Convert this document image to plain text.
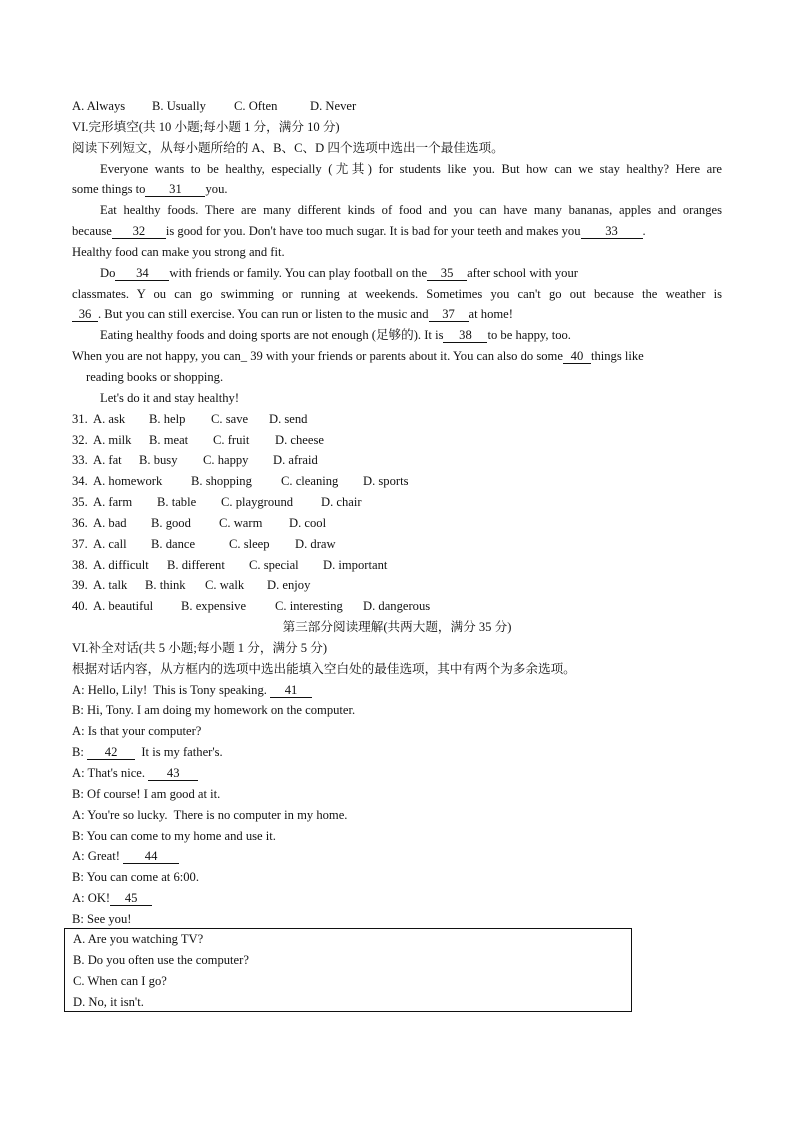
A. Always B. Usually C. Often	D. Never
VI.完形填空(共 10 小题;每小题 1 分，满分 10 分)
阅读下列短文，从每小题所给的 A、B、C、D 四个选项中选出一个最佳选项。
Everyone wants to be healthy, especially (尤其) for students like you. But how can we stay healthy? Here are
some things to 31 you.
Eat healthy foods. There are many different kinds of food and you can have many bananas, apples and oranges
because 32 is good for you. Don't have too much sugar. It is bad for your teeth and makes you 33 .
Healthy food can make you strong and fit.
Do 34 with friends or family. You can play football on the 35 after school with your
classmates. Y ou can go swimming or running at weekends. Sometimes you can't go out because the weather is
36 . But you can still exercise. You can run or listen to the music and 37 at home!
Eating healthy foods and doing sports are not enough (足够的). It is 38 to be happy, too.
When you are not happy, you can_ 39 with your friends or parents about it. You can also do some 40 things like
reading books or shopping.
Let's do it and stay healthy!
31. A. ask B. help C. save D. send
32. A. milk B. meat C. fruit D. cheese
33. A. fat B. busy C. happy D. afraid
34. A. homework B. shopping C. cleaning D. sports
35. A. farm B. table C. playground D. chair
36. A. bad B. good C. warm D. cool
37. A. call B. dance	C. sleep D. draw
38. A. difficult B. different C. special D. important
39. A. talk B. think C. walk D. enjoy
40. A. beautiful B. expensive C. interesting D. dangerous
第三部分阅读理解(共两大题，满分 35 分)
VI.补全对话(共 5 小题;每小题 1 分，满分 5 分)
根据对话内容，从方框内的选项中选出能填入空白处的最佳选项，其中有两个为多余选项。
A: Hello, Lily!  This is Tony speaking. 41
B: Hi, Tony. I am doing my homework on the computer.
A: Is that your computer?
B: 42  It is my father's.
A: That's nice. 43
B: Of course! I am good at it.
A: You're so lucky.  There is no computer in my home.
B: You can come to my home and use it.
A: Great! 44
B: You can come at 6:00.
A: OK! 45
B: See you!
A. Are you watching TV?
B. Do you often use the computer?
C. When can I go?
D. No, it isn't.
